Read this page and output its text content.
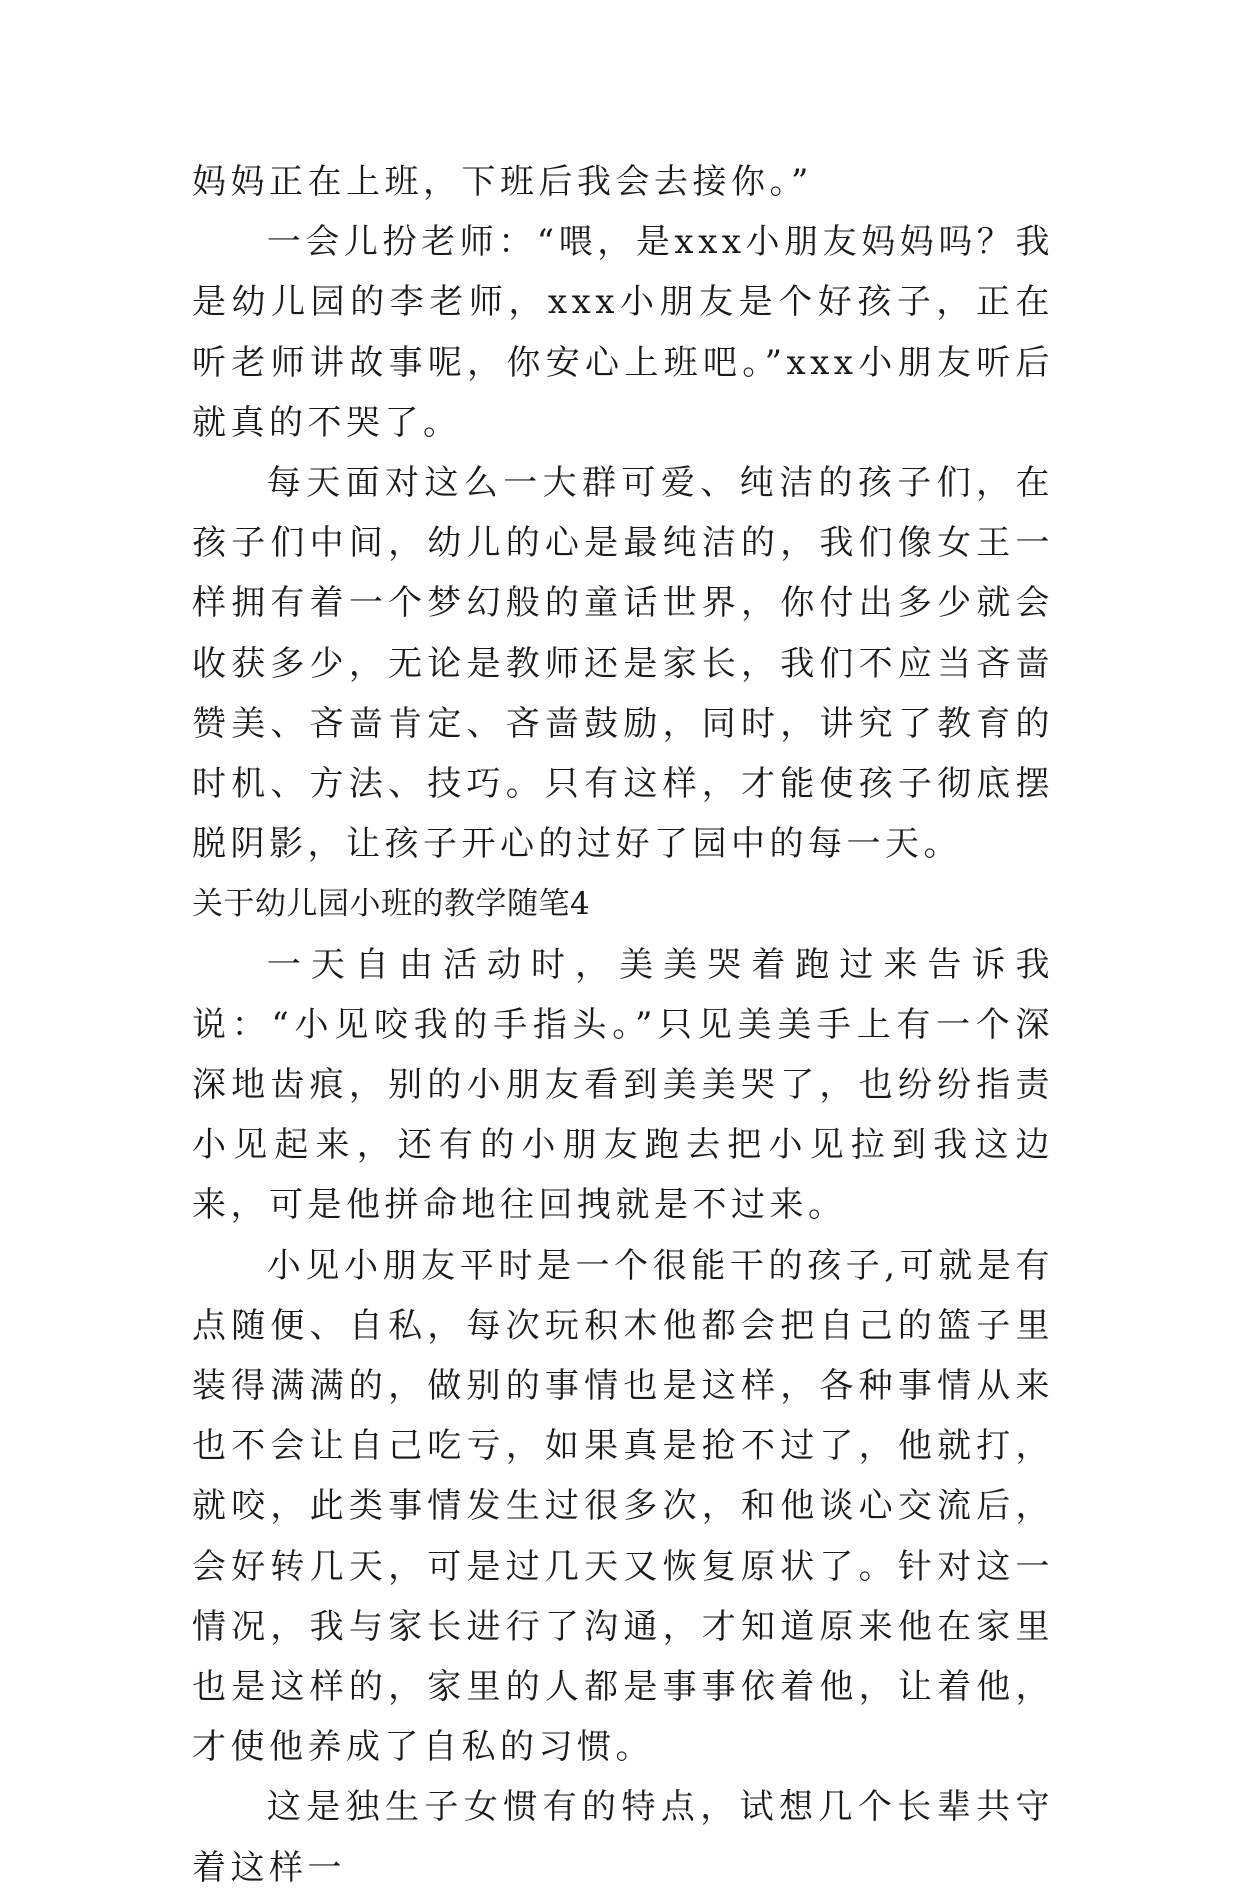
妈妈正在上班，下班后我会去接你。”

一会儿扮老师：“喂，是xxx小朋友妈妈吗？我是幼儿园的李老师，xxx小朋友是个好孩子，正在听老师讲故事呢，你安心上班吧。”xxx小朋友听后就真的不哭了。

每天面对这么一大群可爱、纯洁的孩子们，在孩子们中间，幼儿的心是最纯洁的，我们像女王一样拥有着一个梦幻般的童话世界，你付出多少就会收获多少，无论是教师还是家长，我们不应当吝啬赞美、吝啬肯定、吝啬鼓励，同时，讲究了教育的时机、方法、技巧。只有这样，才能使孩子彻底摆脱阴影，让孩子开心的过好了园中的每一天。

关于幼儿园小班的教学随笔4

一天自由活动时，美美哭着跑过来告诉我说：“小见咬我的手指头。”只见美美手上有一个深深地齿痕，别的小朋友看到美美哭了，也纷纷指责小见起来，还有的小朋友跑去把小见拉到我这边来，可是他拼命地往回拽就是不过来。

小见小朋友平时是一个很能干的孩子,可就是有点随便、自私，每次玩积木他都会把自己的篮子里装得满满的，做别的事情也是这样，各种事情从来也不会让自己吃亏，如果真是抢不过了，他就打，就咬，此类事情发生过很多次，和他谈心交流后，会好转几天，可是过几天又恢复原状了。针对这一情况，我与家长进行了沟通，才知道原来他在家里也是这样的，家里的人都是事事依着他，让着他，才使他养成了自私的习惯。

这是独生子女惯有的特点，试想几个长辈共守着这样一
